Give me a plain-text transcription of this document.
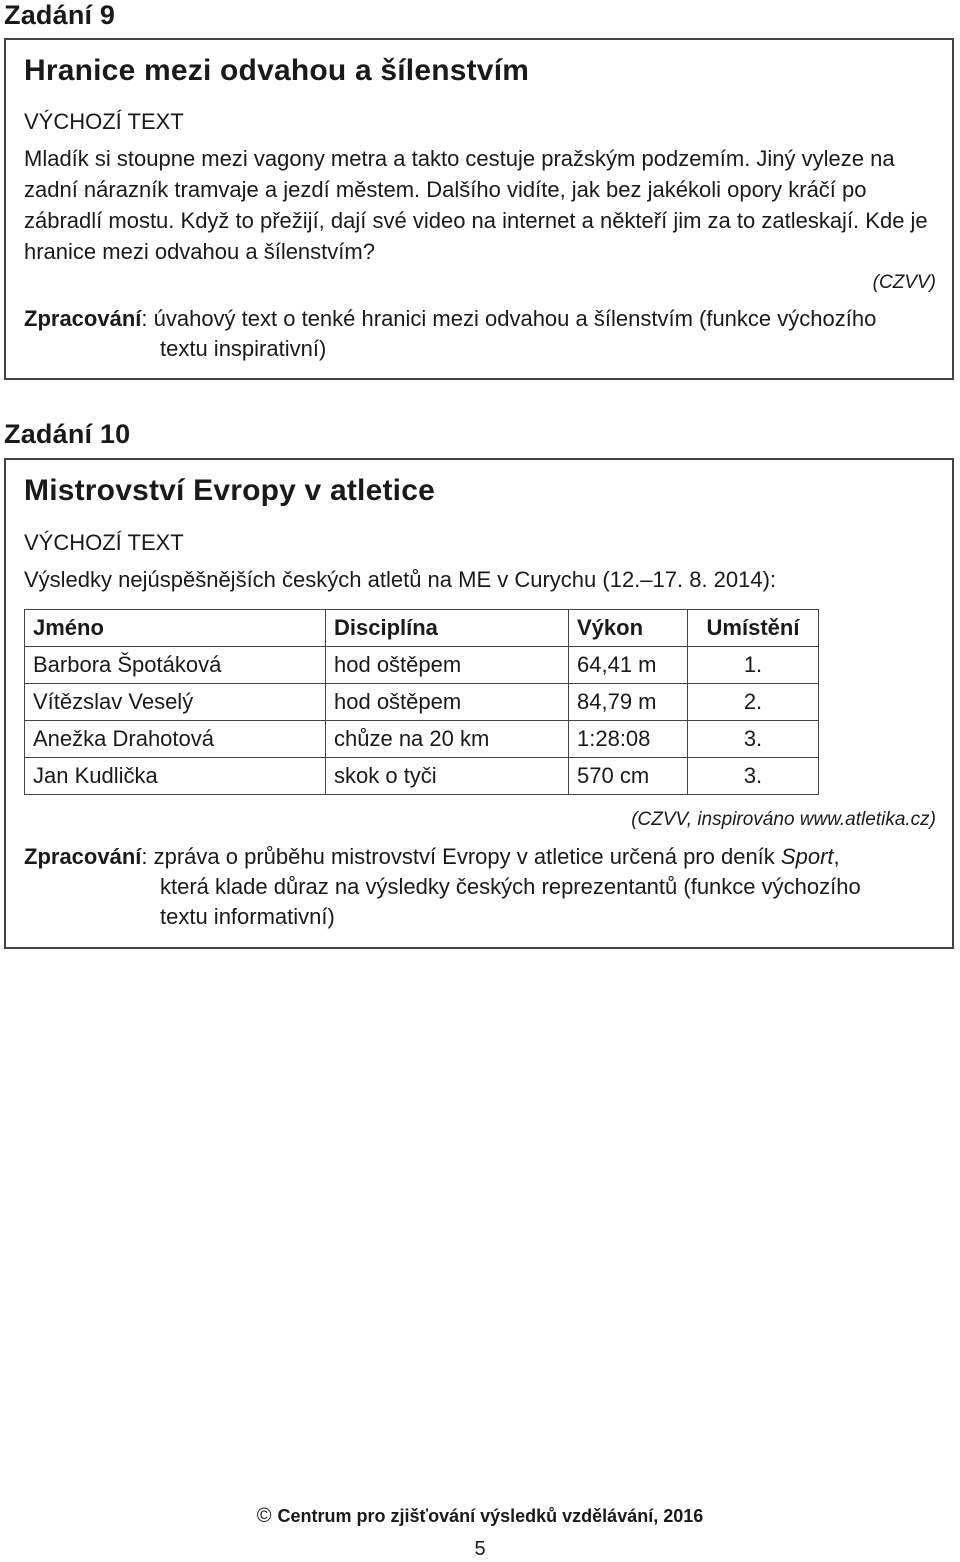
Zadání 9
Hranice mezi odvahou a šílenstvím
VÝCHOZÍ TEXT
Mladík si stoupne mezi vagony metra a takto cestuje pražským podzemím. Jiný vyleze na zadní nárazník tramvaje a jezdí městem. Dalšího vidíte, jak bez jakékoli opory kráčí po zábradlí mostu. Když to přežijí, dají své video na internet a někteří jim za to zatleskají. Kde je hranice mezi odvahou a šílenstvím?
(CZVV)
Zpracování : úvahový text o tenké hranici mezi odvahou a šílenstvím (funkce výchozího
textu inspirativní)
Zadání 10
Mistrovství Evropy v atletice
VÝCHOZÍ TEXT
Výsledky nejúspěšnějších českých atletů na ME v Curychu (12.–17. 8. 2014):
Jméno	Disciplína	Výkon	Umístění
Barbora Špotáková	hod oštěpem	64,41 m	1.
Vítězslav Veselý	hod oštěpem	84,79 m	2.
Anežka Drahotová	chůze na 20 km	1:28:08	3.
Jan Kudlička	skok o tyči	570 cm	3.
(CZVV, inspirováno www.atletika.cz)
Zpracování : zpráva o průběhu mistrovství Evropy v atletice určená pro deník Sport ,
která klade důraz na výsledky českých reprezentantů (funkce výchozího
textu informativní)
© Centrum pro zjišťování výsledků vzdělávání, 2016
5
